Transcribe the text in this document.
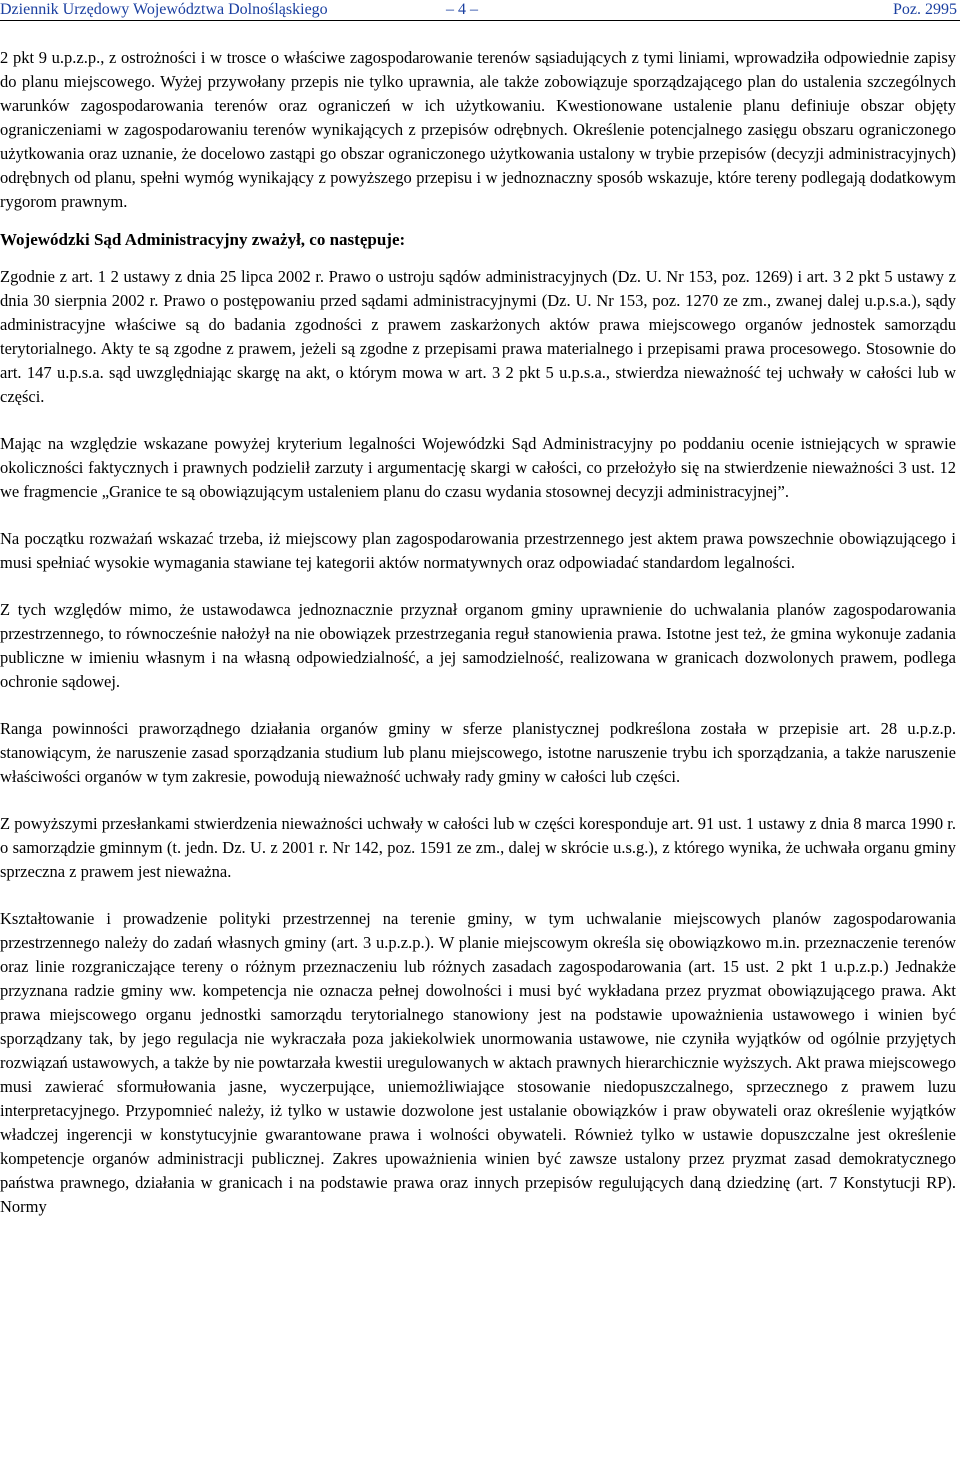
Dziennik Urzędowy Województwa Dolnośląskiego	– 4 –	Poz. 2995

2 pkt 9 u.p.z.p., z ostrożności i w trosce o właściwe zagospodarowanie terenów sąsiadujących z tymi liniami, wprowadziła odpowiednie zapisy do planu miejscowego. Wyżej przywołany przepis nie tylko uprawnia, ale także zobowiązuje sporządzającego plan do ustalenia szczególnych warunków zagospodarowania terenów oraz ograniczeń w ich użytkowaniu. Kwestionowane ustalenie planu definiuje obszar objęty ograniczeniami w zagospodarowaniu terenów wynikających z przepisów odrębnych. Określenie potencjalnego zasięgu obszaru ograniczonego użytkowania oraz uznanie, że docelowo zastąpi go obszar ograniczonego użytkowania ustalony w trybie przepisów (decyzji administracyjnych) odrębnych od planu, spełni wymóg wynikający z powyższego przepisu i w jednoznaczny sposób wskazuje, które tereny podlegają dodatkowym rygorom prawnym.

Wojewódzki Sąd Administracyjny zważył, co następuje:

Zgodnie z art. 1 2 ustawy z dnia 25 lipca 2002 r. Prawo o ustroju sądów administracyjnych (Dz. U. Nr 153, poz. 1269) i art. 3 2 pkt 5 ustawy z dnia 30 sierpnia 2002 r. Prawo o postępowaniu przed sądami administracyjnymi (Dz. U. Nr 153, poz. 1270 ze zm., zwanej dalej u.p.s.a.), sądy administracyjne właściwe są do badania zgodności z prawem zaskarżonych aktów prawa miejscowego organów jednostek samorządu terytorialnego. Akty te są zgodne z prawem, jeżeli są zgodne z przepisami prawa materialnego i przepisami prawa procesowego. Stosownie do art. 147 u.p.s.a. sąd uwzględniając skargę na akt, o którym mowa w art. 3 2 pkt 5 u.p.s.a., stwierdza nieważność tej uchwały w całości lub w części.

Mając na względzie wskazane powyżej kryterium legalności Wojewódzki Sąd Administracyjny po poddaniu ocenie istniejących w sprawie okoliczności faktycznych i prawnych podzielił zarzuty i argumentację skargi w całości, co przełożyło się na stwierdzenie nieważności 3 ust. 12 we fragmencie „Granice te są obowiązującym ustaleniem planu do czasu wydania stosownej decyzji administracyjnej”.

Na początku rozważań wskazać trzeba, iż miejscowy plan zagospodarowania przestrzennego jest aktem prawa powszechnie obowiązującego i musi spełniać wysokie wymagania stawiane tej kategorii aktów normatywnych oraz odpowiadać standardom legalności.

Z tych względów mimo, że ustawodawca jednoznacznie przyznał organom gminy uprawnienie do uchwalania planów zagospodarowania przestrzennego, to równocześnie nałożył na nie obowiązek przestrzegania reguł stanowienia prawa. Istotne jest też, że gmina wykonuje zadania publiczne w imieniu własnym i na własną odpowiedzialność, a jej samodzielność, realizowana w granicach dozwolonych prawem, podlega ochronie sądowej.

Ranga powinności praworządnego działania organów gminy w sferze planistycznej podkreślona została w przepisie art. 28 u.p.z.p. stanowiącym, że naruszenie zasad sporządzania studium lub planu miejscowego, istotne naruszenie trybu ich sporządzania, a także naruszenie właściwości organów w tym zakresie, powodują nieważność uchwały rady gminy w całości lub części.

Z powyższymi przesłankami stwierdzenia nieważności uchwały w całości lub w części koresponduje art. 91 ust. 1 ustawy z dnia 8 marca 1990 r. o samorządzie gminnym (t. jedn. Dz. U. z 2001 r. Nr 142, poz. 1591 ze zm., dalej w skrócie u.s.g.), z którego wynika, że uchwała organu gminy sprzeczna z prawem jest nieważna.

Kształtowanie i prowadzenie polityki przestrzennej na terenie gminy, w tym uchwalanie miejscowych planów zagospodarowania przestrzennego należy do zadań własnych gminy (art. 3 u.p.z.p.). W planie miejscowym określa się obowiązkowo m.in. przeznaczenie terenów oraz linie rozgraniczające tereny o różnym przeznaczeniu lub różnych zasadach zagospodarowania (art. 15 ust. 2 pkt 1 u.p.z.p.) Jednakże przyznana radzie gminy ww. kompetencja nie oznacza pełnej dowolności i musi być wykładana przez pryzmat obowiązującego prawa. Akt prawa miejscowego organu jednostki samorządu terytorialnego stanowiony jest na podstawie upoważnienia ustawowego i winien być sporządzany tak, by jego regulacja nie wykraczała poza jakiekolwiek unormowania ustawowe, nie czyniła wyjątków od ogólnie przyjętych rozwiązań ustawowych, a także by nie powtarzała kwestii uregulowanych w aktach prawnych hierarchicznie wyższych. Akt prawa miejscowego musi zawierać sformułowania jasne, wyczerpujące, uniemożliwiające stosowanie niedopuszczalnego, sprzecznego z prawem luzu interpretacyjnego. Przypomnieć należy, iż tylko w ustawie dozwolone jest ustalanie obowiązków i praw obywateli oraz określenie wyjątków władczej ingerencji w konstytucyjnie gwarantowane prawa i wolności obywateli. Również tylko w ustawie dopuszczalne jest określenie kompetencje organów administracji publicznej. Zakres upoważnienia winien być zawsze ustalony przez pryzmat zasad demokratycznego państwa prawnego, działania w granicach i na podstawie prawa oraz innych przepisów regulujących daną dziedzinę (art. 7 Konstytucji RP). Normy
